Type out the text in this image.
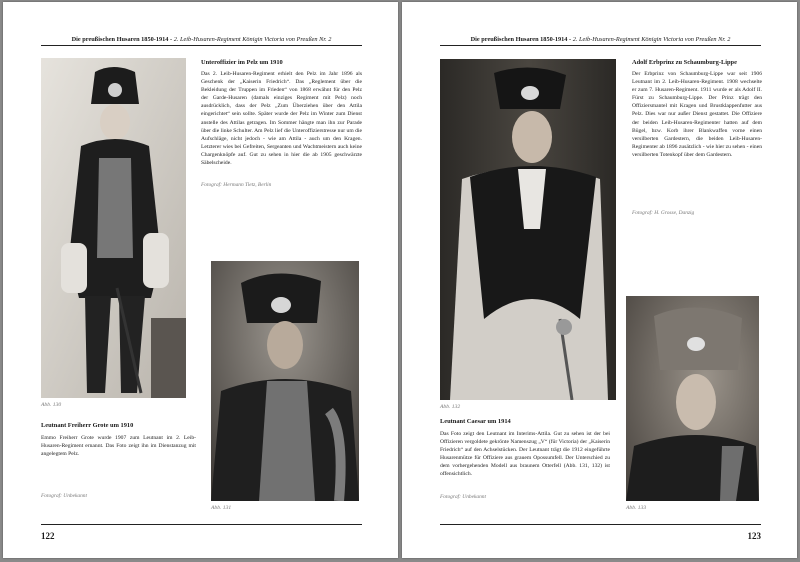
Die preußischen Husaren 1850-1914 - 2. Leib-Husaren-Regiment Königin Victoria von Preußen Nr. 2
Abb. 130
Unteroffizier im Pelz um 1910
Das 2. Leib-Husaren-Regiment erhielt den Pelz im Jahr 1896 als Geschenk der „Kaiserin Friedrich“. Das „Reglement über die Bekleidung der Truppen im Frieden“ von 1868 erwähnt für den Pelz der Garde-Husaren (damals einziges Regiment mit Pelz) noch ausdrücklich, dass der Pelz „Zum Überziehen über den Attila eingerichtet“ sein sollte. Später wurde der Pelz im Winter zum Dienst anstelle des Attilas getragen. Im Sommer hängte man ihn zur Parade über die linke Schulter. Am Pelz lief die Unteroffizierstresse nur um die Aufschläge, nicht jedoch - wie am Attila - auch um den Kragen. Letzterer wies bei Gefreiten, Sergeanten und Wachtmeistern auch keine Chargenknöpfe auf. Gut zu sehen in hier die ab 1905 geschwärzte Säbelscheide.
Fotograf: Hermann Tietz, Berlin
Abb. 131
Leutnant Freiherr Grote um 1910
Emmo Freiherr Grote wurde 1907 zum Leutnant im 2. Leib-Husaren-Regiment ernannt. Das Foto zeigt ihn im Dienstanzug mit angelegtem Pelz.
Fotograf: Unbekannt
122
Die preußischen Husaren 1850-1914 - 2. Leib-Husaren-Regiment Königin Victoria von Preußen Nr. 2
Abb. 132
Adolf Erbprinz zu Schaumburg-Lippe
Der Erbprinz von Schaumburg-Lippe war seit 1906 Leutnant im 2. Leib-Husaren-Regiment. 1908 wechselte er zum 7. Husaren-Regiment. 1911 wurde er als Adolf II. Fürst zu Schaumburg-Lippe. Der Prinz trägt den Offiziersmantel mit Kragen und Brustklappenfutter aus Pelz. Dies war nur außer Dienst gestattet. Die Offiziere der beiden Leib-Husaren-Regimenter hatten auf dem Bügel, bzw. Korb ihrer Blankwaffen vorne einen versilberten Gardestern, die beiden Leib-Husaren-Regimenter ab 1896 zusätzlich - wie hier zu sehen - einen versilberten Totenkopf über dem Gardestern.
Fotograf: H. Grosse, Danzig
Abb. 133
Leutnant Caesar um 1914
Das Foto zeigt den Leutnant im Interims-Attila. Gut zu sehen ist der bei Offizieren vergoldete gekrönte Namenszug „V“ (für Victoria) der „Kaiserin Friedrich“ auf den Achselstücken. Der Leutnant trägt die 1912 eingeführte Husarenmütze für Offiziere aus grauem Opossumfell. Der Unterschied zu dem vorhergehenden Modell aus braunem Otterfell (Abb. 131, 132) ist offensichtlich.
Fotograf: Unbekannt
123
